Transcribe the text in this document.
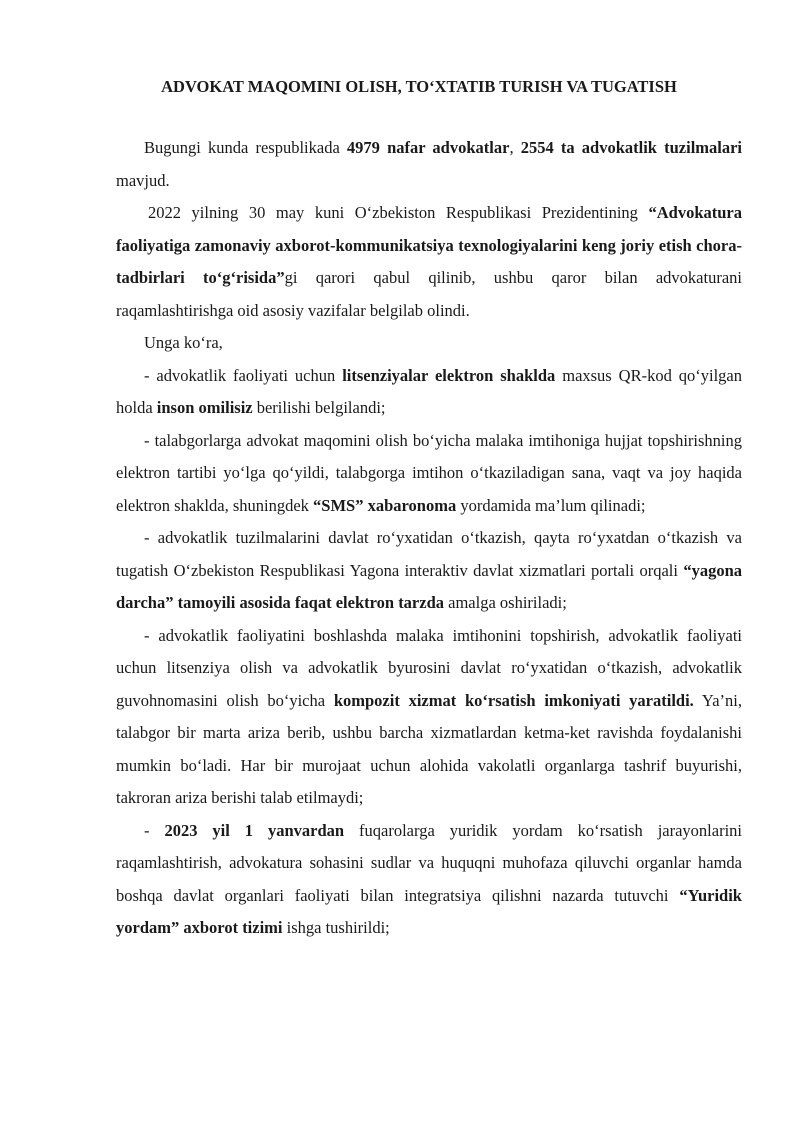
ADVOKAT MAQOMINI OLISH, TO‘XTATIB TURISH VA TUGATISH

Bugungi kunda respublikada 4979 nafar advokatlar, 2554 ta advokatlik tuzilmalari mavjud.

2022 yilning 30 may kuni O‘zbekiston Respublikasi Prezidentining “Advokatura faoliyatiga zamonaviy axborot-kommunikatsiya texnologiyalarini keng joriy etish chora-tadbirlari to‘g‘risida”gi qarori qabul qilinib, ushbu qaror bilan advokaturani raqamlashtirishga oid asosiy vazifalar belgilab olindi.

Unga ko‘ra,

- advokatlik faoliyati uchun litsenziyalar elektron shaklda maxsus QR-kod qo‘yilgan holda inson omilisiz berilishi belgilandi;

- talabgorlarga advokat maqomini olish bo‘yicha malaka imtihoniga hujjat topshirishning elektron tartibi yo‘lga qo‘yildi, talabgorga imtihon o‘tkaziladigan sana, vaqt va joy haqida elektron shaklda, shuningdek “SMS” xabaronoma yordamida ma’lum qilinadi;

- advokatlik tuzilmalarini davlat ro‘yxatidan o‘tkazish, qayta ro‘yxatdan o‘tkazish va tugatish O‘zbekiston Respublikasi Yagona interaktiv davlat xizmatlari portali orqali “yagona darcha” tamoyili asosida faqat elektron tarzda amalga oshiriladi;

- advokatlik faoliyatini boshlashda malaka imtihonini topshirish, advokatlik faoliyati uchun litsenziya olish va advokatlik byurosini davlat ro‘yxatidan o‘tkazish, advokatlik guvohnomasini olish bo‘yicha kompozit xizmat ko‘rsatish imkoniyati yaratildi. Ya’ni, talabgor bir marta ariza berib, ushbu barcha xizmatlardan ketma-ket ravishda foydalanishi mumkin bo‘ladi. Har bir murojaat uchun alohida vakolatli organlarga tashrif buyurishi, takroran ariza berishi talab etilmaydi;

- 2023 yil 1 yanvardan fuqarolarga yuridik yordam ko‘rsatish jarayonlarini raqamlashtirish, advokatura sohasini sudlar va huquqni muhofaza qiluvchi organlar hamda boshqa davlat organlari faoliyati bilan integratsiya qilishni nazarda tutuvchi “Yuridik yordam” axborot tizimi ishga tushirildi;
